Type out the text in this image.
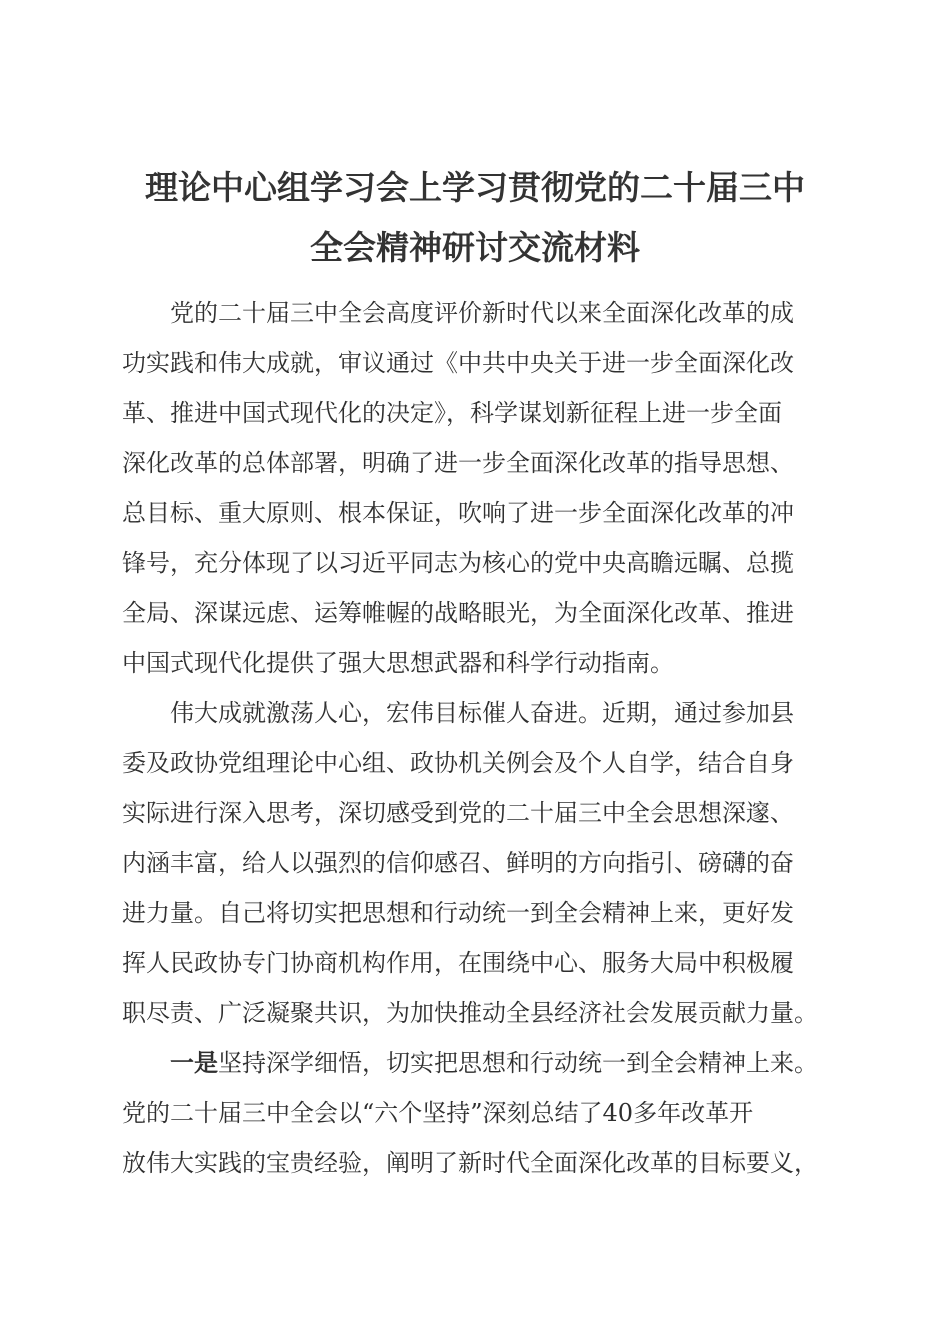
理论中心组学习会上学习贯彻党的二十届三中
全会精神研讨交流材料
党的二十届三中全会高度评价新时代以来全面深化改革的成
功实践和伟大成就，审议通过《中共中央关于进一步全面深化改
革、推进中国式现代化的决定》，科学谋划新征程上进一步全面
深化改革的总体部署，明确了进一步全面深化改革的指导思想、
总目标、重大原则、根本保证，吹响了进一步全面深化改革的冲
锋号，充分体现了以习近平同志为核心的党中央高瞻远瞩、总揽
全局、深谋远虑、运筹帷幄的战略眼光，为全面深化改革、推进
中国式现代化提供了强大思想武器和科学行动指南。
伟大成就激荡人心，宏伟目标催人奋进。近期，通过参加县
委及政协党组理论中心组、政协机关例会及个人自学，结合自身
实际进行深入思考，深切感受到党的二十届三中全会思想深邃、
内涵丰富，给人以强烈的信仰感召、鲜明的方向指引、磅礴的奋
进力量。自己将切实把思想和行动统一到全会精神上来，更好发
挥人民政协专门协商机构作用，在围绕中心、服务大局中积极履
职尽责、广泛凝聚共识，为加快推动全县经济社会发展贡献力量。
一是坚持深学细悟，切实把思想和行动统一到全会精神上来。
党的二十届三中全会以“六个坚持”深刻总结了40多年改革开
放伟大实践的宝贵经验，阐明了新时代全面深化改革的目标要义，
